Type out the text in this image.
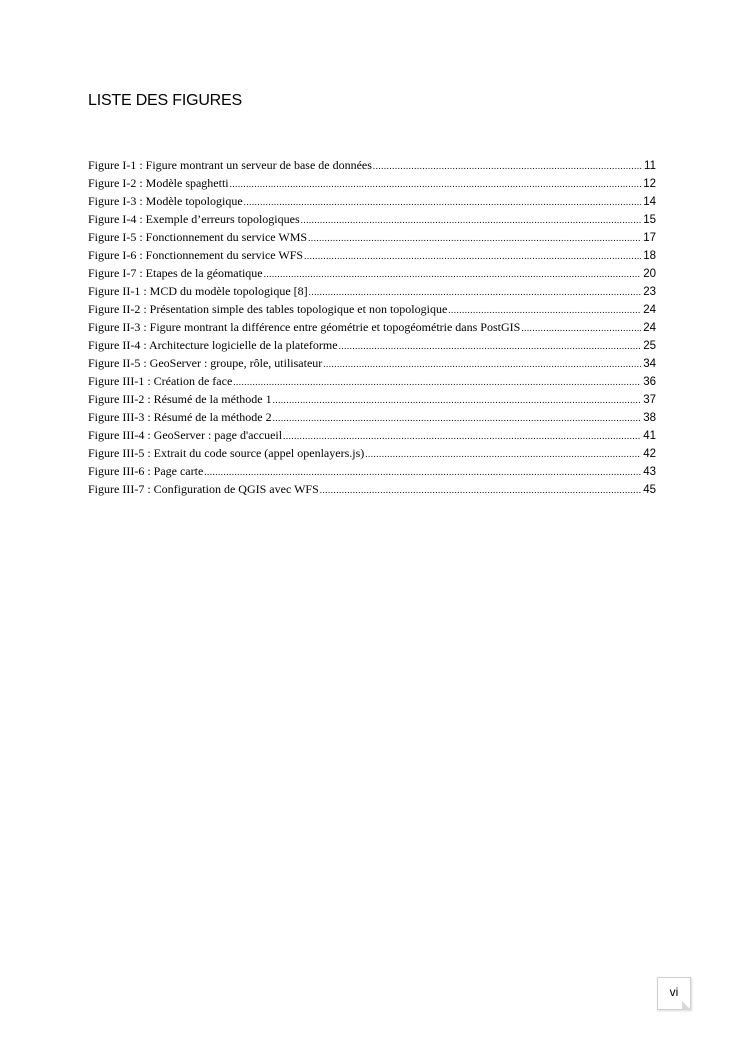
LISTE DES FIGURES
Figure I-1 : Figure montrant un serveur de base de données .....	11
Figure I-2 : Modèle spaghetti .....	12
Figure I-3 : Modèle topologique .....	14
Figure I-4 : Exemple d’erreurs topologiques .....	15
Figure I-5 : Fonctionnement du service WMS .....	17
Figure I-6 : Fonctionnement du service WFS .....	18
Figure I-7 : Etapes de la géomatique .....	20
Figure II-1 : MCD du modèle topologique [8] .....	23
Figure II-2 : Présentation simple des tables topologique et non topologique .....	24
Figure II-3 : Figure montrant la différence entre géométrie et topogéométrie dans PostGIS .....	24
Figure II-4 : Architecture logicielle de la plateforme .....	25
Figure II-5 : GeoServer : groupe, rôle, utilisateur .....	34
Figure III-1 : Création de face .....	36
Figure III-2 : Résumé de la méthode 1 .....	37
Figure III-3 : Résumé de la méthode 2 .....	38
Figure III-4 : GeoServer : page d'accueil .....	41
Figure III-5 : Extrait du code source (appel openlayers.js) .....	42
Figure III-6 : Page carte .....	43
Figure III-7 : Configuration de QGIS avec WFS .....	45
vi
